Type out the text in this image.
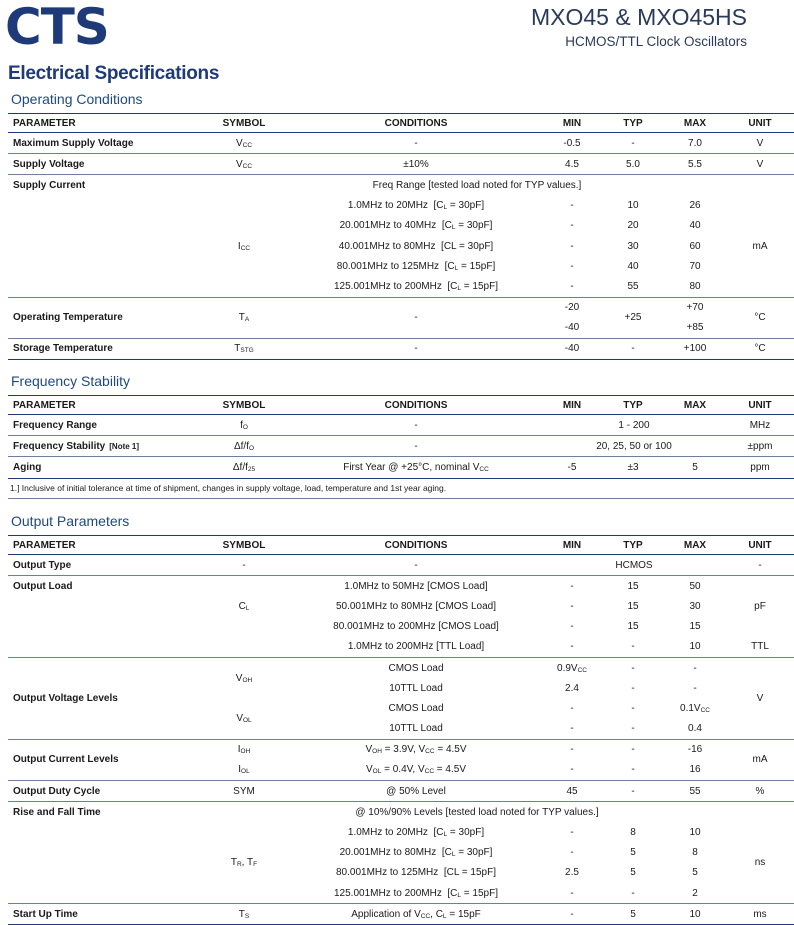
CTS	MXO45 & MXO45HS
HCMOS/TTL Clock Oscillators
Electrical Specifications
Operating Conditions
PARAMETER	SYMBOL	CONDITIONS	MIN	TYP	MAX	UNIT
Maximum Supply Voltage	$V_{CC}$	-	-0.5	-	7.0	V
Supply Voltage	$V_{CC}$	±10%	4.5	5.0	5.5	V
Supply Current		Freq Range [tested load noted for TYP values.]				
	$I_{CC}$	1.0MHz to 20MHz $[C_L = 30pF]$	-	10	26	mA
		20.001MHz to 40MHz $[C_L = 30pF]$	-	20	40	
		40.001MHz to 80MHz [CL = 30pF]	-	30	60	
		80.001MHz to 125MHz $[C_L = 15pF]$	-	40	70	
		125.001MHz to 200MHz $[C_L = 15pF]$	-	55	80	
Operating Temperature	$T_A$	-	-20	+25	+70	°C
			-40		+85	
Storage Temperature	$T_{STG}$	-	-40	-	+100	°C
Frequency Stability
PARAMETER	SYMBOL	CONDITIONS	MIN	TYP	MAX	UNIT
Frequency Range	$f_O$	-	1 - 200			MHz
Frequency Stability [Note 1]	$\Delta f/f_O$	-	20, 25, 50 or 100			±ppm
Aging	$\Delta f/f_{25}$	First Year @ +25°C, nominal $V_{CC}$	-5	±3	5	ppm
1.] Inclusive of initial tolerance at time of shipment, changes in supply voltage, load, temperature and 1st year aging.						
Output Parameters
PARAMETER	SYMBOL	CONDITIONS	MIN	TYP	MAX	UNIT
Output Type	-	-	HCMOS			-
Output Load	$C_L$	1.0MHz to 50MHz [CMOS Load]	-	15	50	
		50.001MHz to 80MHz [CMOS Load]	-	15	30	pF
		80.001MHz to 200MHz [CMOS Load]	-	15	15	
		1.0MHz to 200MHz [TTL Load]	-	-	10	TTL
Output Voltage Levels	$V_{OH}$	CMOS Load	$0.9V_{CC}$	-	-	V
		10TTL Load	2.4	-	-	
	$V_{OL}$	CMOS Load	-	-	$0.1V_{CC}$
		10TTL Load	-	-	0.4	
Output Current Levels	$I_{OH}$	$V_{OH} = 3.9V$, $V_{CC} = 4.5V$	-	-	-16	mA
	$I_{OL}$	$V_{OL} = 0.4V$, $V_{CC} = 4.5V$	-	-	16	
Output Duty Cycle	SYM	@ 50% Level	45	-	55	%
Rise and Fall Time		@ 10%/90% Levels [tested load noted for TYP values.]				
	$T_R$, $T_F$	1.0MHz to 20MHz $[C_L = 30pF]$	-	8	10	ns
		20.001MHz to 80MHz $[C_L = 30pF]$	-	5	8	
		80.001MHz to 125MHz [CL = 15pF]	2.5	5	5	
		125.001MHz to 200MHz $[C_L = 15pF]$	-	-	2	
Start Up Time	$T_S$	Application of $V_{CC}$, $C_L = 15pF$	-	5	10	ms
